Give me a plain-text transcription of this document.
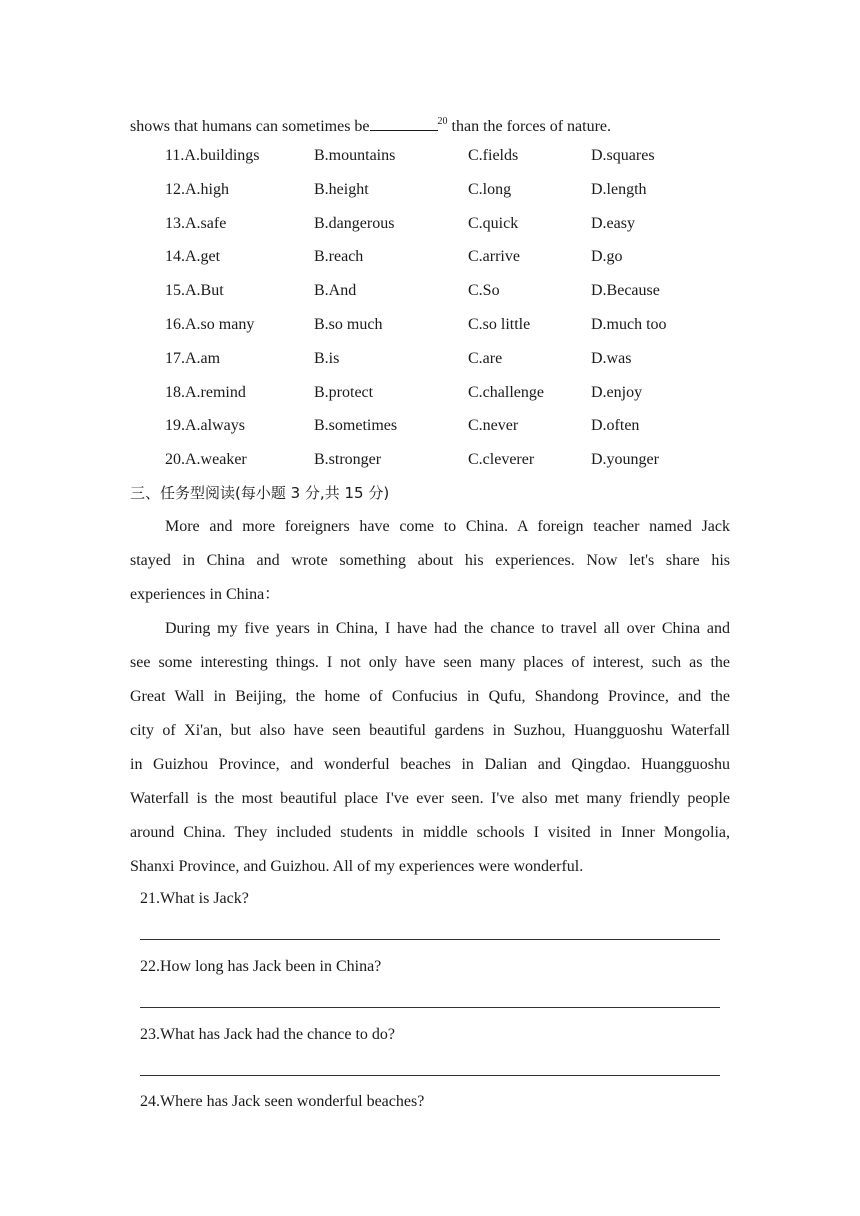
shows that humans can sometimes be	$^{20}$ than the forces of nature.
11.A.buildings	B.mountains	C.fields	D.squares
12.A.high	B.height	C.long	D.length
13.A.safe	B.dangerous	C.quick	D.easy
14.A.get	B.reach	C.arrive	D.go
15.A.But	B.And	C.So	D.Because
16.A.so many	B.so much	C.so little	D.much too
17.A.am	B.is	C.are	D.was
18.A.remind	B.protect	C.challenge	D.enjoy
19.A.always	B.sometimes	C.never	D.often
20.A.weaker	B.stronger	C.cleverer	D.younger
三、任务型阅读(每小题 3 分,共 15 分)
More and more foreigners have come to China. A foreign teacher named Jack
stayed in China and wrote something about his experiences. Now let's share his
experiences in China：
During my five years in China, I have had the chance to travel all over China and
see some interesting things. I not only have seen many places of interest, such as the
Great Wall in Beijing, the home of Confucius in Qufu, Shandong Province, and the
city of Xi'an, but also have seen beautiful gardens in Suzhou, Huangguoshu Waterfall
in Guizhou Province, and wonderful beaches in Dalian and Qingdao. Huangguoshu
Waterfall is the most beautiful place I've ever seen. I've also met many friendly people
around China. They included students in middle schools I visited in Inner Mongolia,
Shanxi Province, and Guizhou. All of my experiences were wonderful.
21.What is Jack?
22.How long has Jack been in China?
23.What has Jack had the chance to do?
24.Where has Jack seen wonderful beaches?
